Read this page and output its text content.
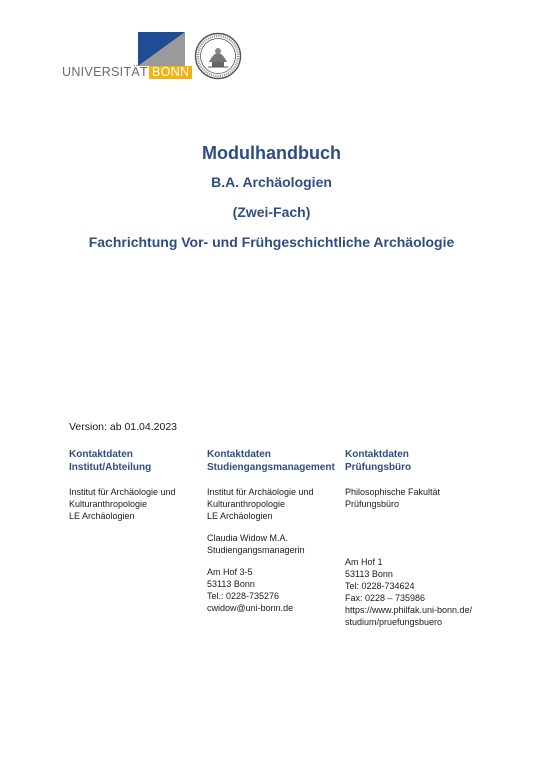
UNIVERSITÄT BONN

Modulhandbuch

B.A. Archäologien

(Zwei-Fach)

Fachrichtung Vor- und Frühgeschichtliche Archäologie

Version: ab 01.04.2023
Kontaktdaten
Institut/Abteilung
Institut für Archäologie und
Kulturanthropologie
LE Archäologien
Kontaktdaten
Studiengangsmanagement
Institut für Archäologie und
Kulturanthropologie
LE Archäologien
Claudia Widow M.A.
Studiengangsmanagerin
Am Hof 3-5
53113 Bonn
Tel.: 0228-735276
cwidow@uni-bonn.de
Kontaktdaten
Prüfungsbüro
Philosophische Fakultät
Prüfungsbüro
Am Hof 1
53113 Bonn
Tel: 0228-734624
Fax: 0228 – 735986
https://www.philfak.uni-bonn.de/
studium/pruefungsbuero
